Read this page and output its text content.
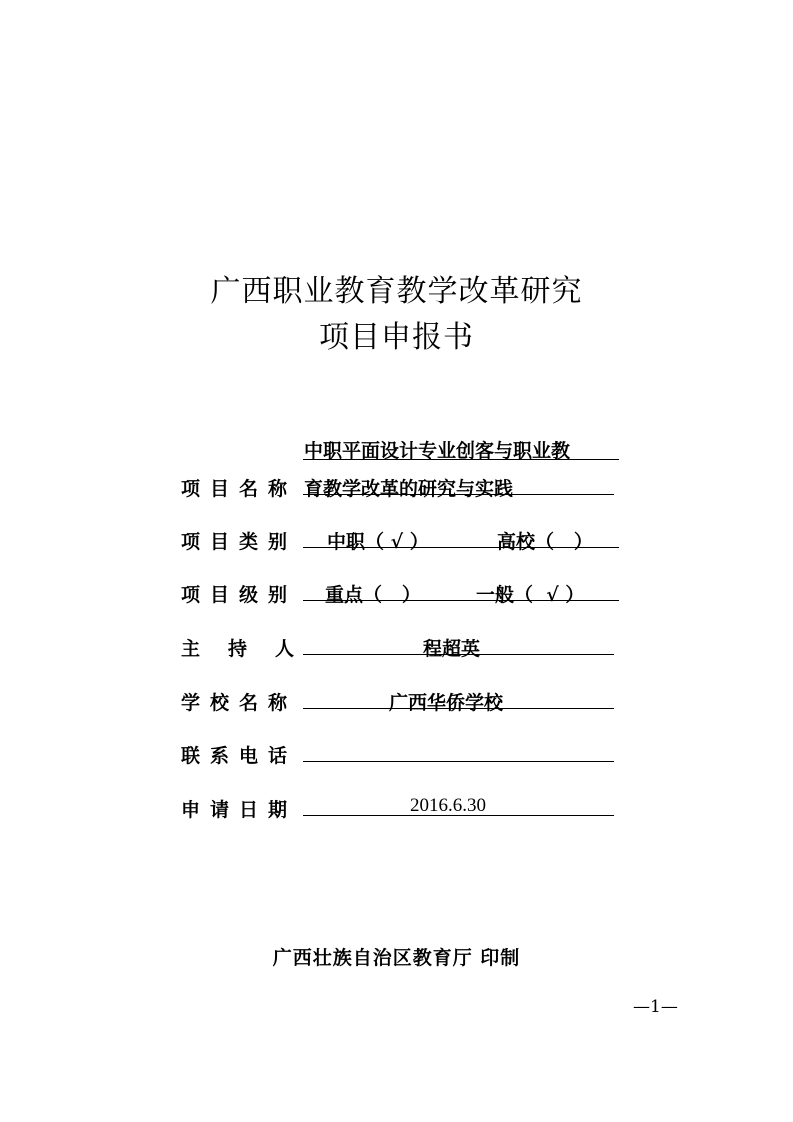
广西职业教育教学改革研究
项目申报书
中职平面设计专业创客与职业教
项目名称 育教学改革的研究与实践
项目类别 中职（ √ ）	高校（   ）
项目级别 重点（   ）	一般（  √ ）
主持人	程超英
学校名称	广西华侨学校
联系电话
申请日期	2016.6.30
广西壮族自治区教育厅 印制
—1—
